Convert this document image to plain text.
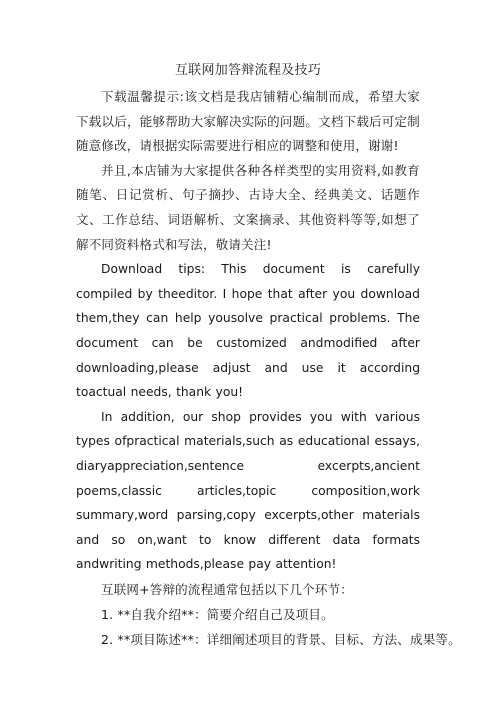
互联网加答辩流程及技巧

下载温馨提示:该文档是我店铺精心编制而成，希望大家下载以后，能够帮助大家解决实际的问题。文档下载后可定制随意修改，请根据实际需要进行相应的调整和使用，谢谢!

并且,本店铺为大家提供各种各样类型的实用资料,如教育随笔、日记赏析、句子摘抄、古诗大全、经典美文、话题作文、工作总结、词语解析、文案摘录、其他资料等等,如想了解不同资料格式和写法，敬请关注!

Download tips: This document is carefully compiled by theeditor. I hope that after you download them,they can help yousolve practical problems. The document can be customized andmodified after downloading,please adjust and use it according toactual needs, thank you!

In addition, our shop provides you with various types ofpractical materials,such as educational essays, diaryappreciation,sentence excerpts,ancient poems,classic articles,topic composition,work summary,word parsing,copy excerpts,other materials and so on,want to know different data formats andwriting methods,please pay attention!

互联网+答辩的流程通常包括以下几个环节：

1. **自我介绍**：简要介绍自己及项目。

2. **项目陈述**：详细阐述项目的背景、目标、方法、成果等。
